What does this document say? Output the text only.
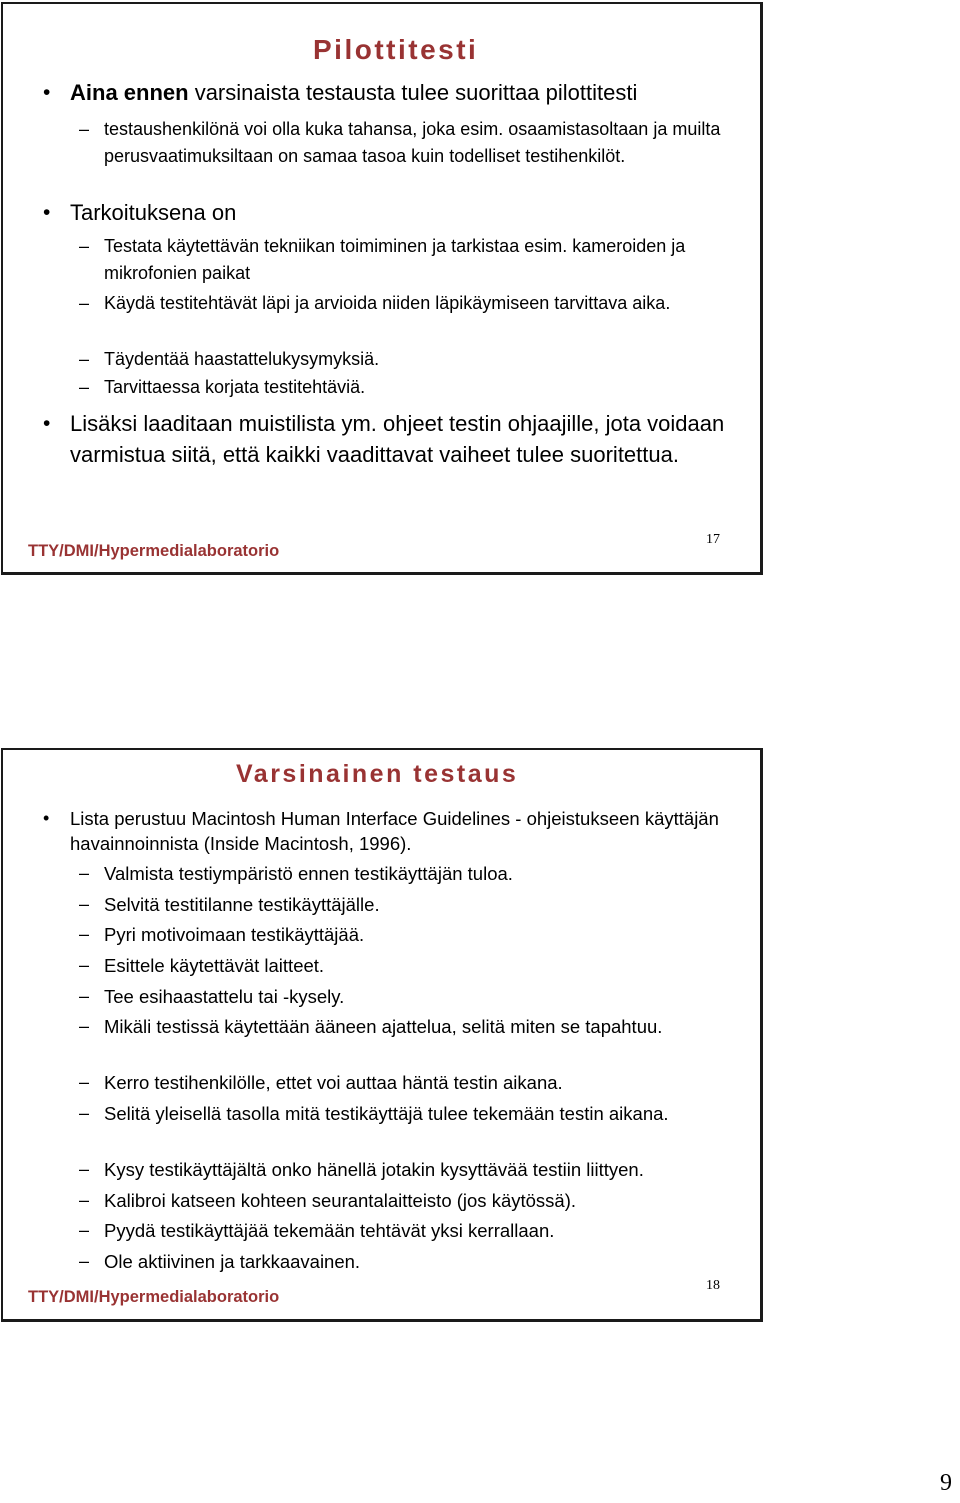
Pilottitesti
• Aina ennen varsinaista testausta tulee suorittaa pilottitesti
– testaushenkilönä voi olla kuka tahansa, joka esim. osaamistasoltaan ja muilta perusvaatimuksiltaan on samaa tasoa kuin todelliset testihenkilöt.
• Tarkoituksena on
– Testata käytettävän tekniikan toimiminen ja tarkistaa esim. kameroiden ja mikrofonien paikat
– Käydä testitehtävät läpi ja arvioida niiden läpikäymiseen tarvittava aika.
– Täydentää haastattelukysymyksiä.
– Tarvittaessa korjata testitehtäviä.
• Lisäksi laaditaan muistilista ym. ohjeet testin ohjaajille, jota voidaan varmistua siitä, että kaikki vaadittavat vaiheet tulee suoritettua.
TTY/DMI/Hypermedialaboratorio
17
Varsinainen testaus
• Lista perustuu Macintosh Human Interface Guidelines - ohjeistukseen käyttäjän havainnoinnista (Inside Macintosh, 1996).
– Valmista testiympäristö ennen testikäyttäjän tuloa.
– Selvitä testitilanne testikäyttäjälle.
– Pyri motivoimaan testikäyttäjää.
– Esittele käytettävät laitteet.
– Tee esihaastattelu tai -kysely.
– Mikäli testissä käytettään ääneen ajattelua, selitä miten se tapahtuu.
– Kerro testihenkilölle, ettet voi auttaa häntä testin aikana.
– Selitä yleisellä tasolla mitä testikäyttäjä tulee tekemään testin aikana.
– Kysy testikäyttäjältä onko hänellä jotakin kysyttävää testiin liittyen.
– Kalibroi katseen kohteen seurantalaitteisto (jos käytössä).
– Pyydä testikäyttäjää tekemään tehtävät yksi kerrallaan.
– Ole aktiivinen ja tarkkaavainen.
TTY/DMI/Hypermedialaboratorio
18
9
